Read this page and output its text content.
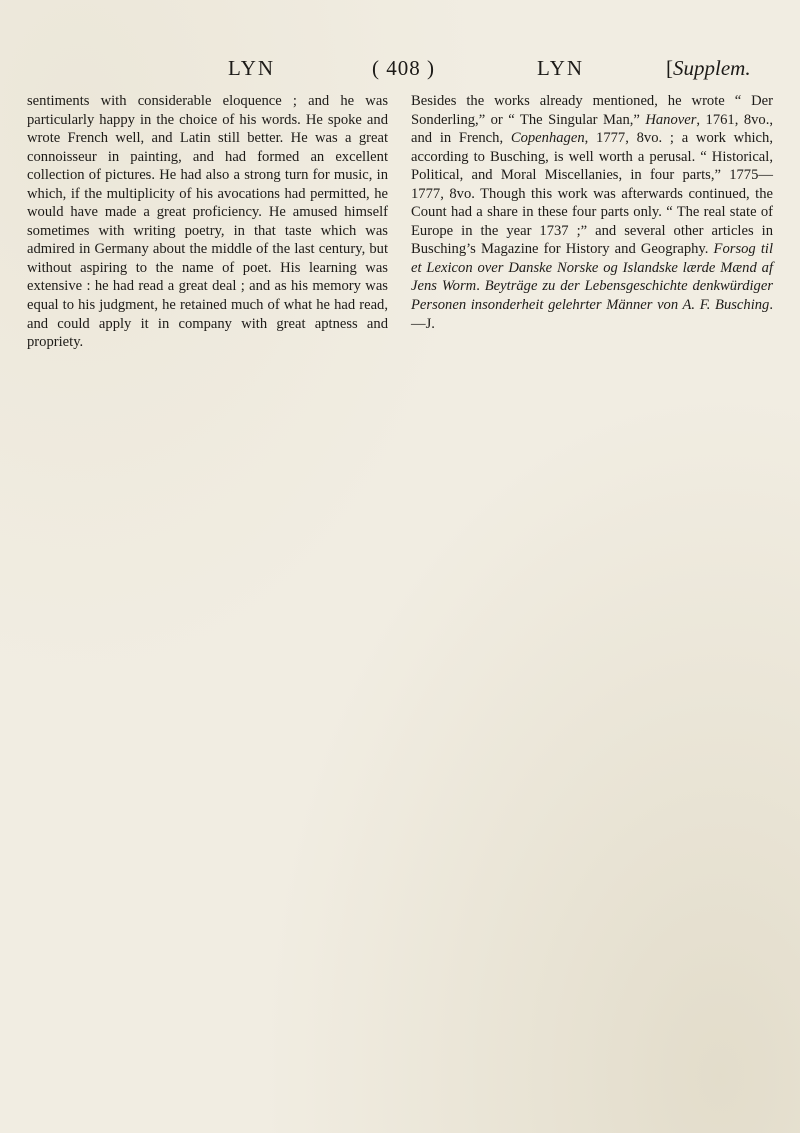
LYN	( 408 )	LYN	[Supplem.

sentiments with considerable eloquence ; and he was particularly happy in the choice of his words. He spoke and wrote French well, and Latin still better. He was a great connoisseur in painting, and had formed an excellent collection of pictures. He had also a strong turn for music, in which, if the multiplicity of his avocations had permitted, he would have made a great proficiency. He amused himself sometimes with writing poetry, in that taste which was admired in Germany about the middle of the last century, but without aspiring to the name of poet. His learning was extensive : he had read a great deal ; and as his memory was equal to his judgment, he retained much of what he had read, and could apply it in company with great aptness and propriety.

Besides the works already mentioned, he wrote “ Der Sonderling,” or “ The Singular Man,” Hanover, 1761, 8vo., and in French, Copenhagen, 1777, 8vo. ; a work which, according to Busching, is well worth a perusal. “ Historical, Political, and Moral Miscellanies, in four parts,” 1775—1777, 8vo. Though this work was afterwards continued, the Count had a share in these four parts only. “ The real state of Europe in the year 1737 ;” and several other articles in Busching’s Magazine for History and Geography. Forsog til et Lexicon over Danske Norske og Islandske lærde Mænd af Jens Worm. Beyträge zu der Lebensgeschichte denkwürdiger Personen insonderheit gelehrter Männer von A. F. Busching.—J.
